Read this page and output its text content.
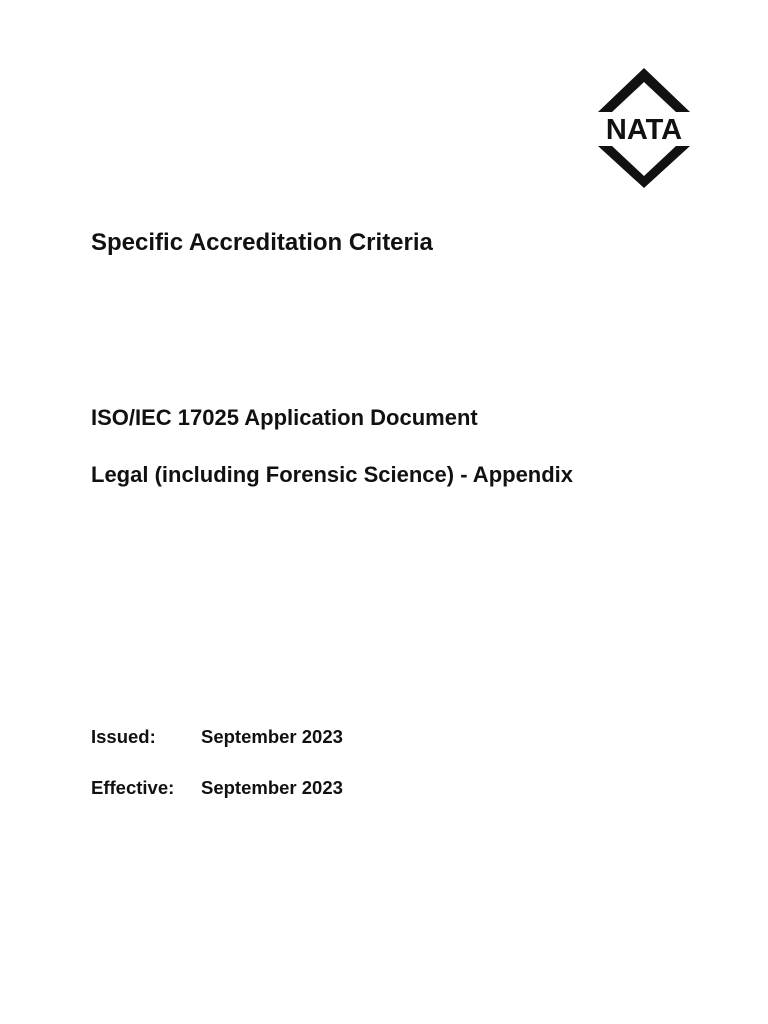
NATA
Specific Accreditation Criteria
ISO/IEC 17025 Application Document
Legal (including Forensic Science) - Appendix
Issued: September 2023
Effective: September 2023
